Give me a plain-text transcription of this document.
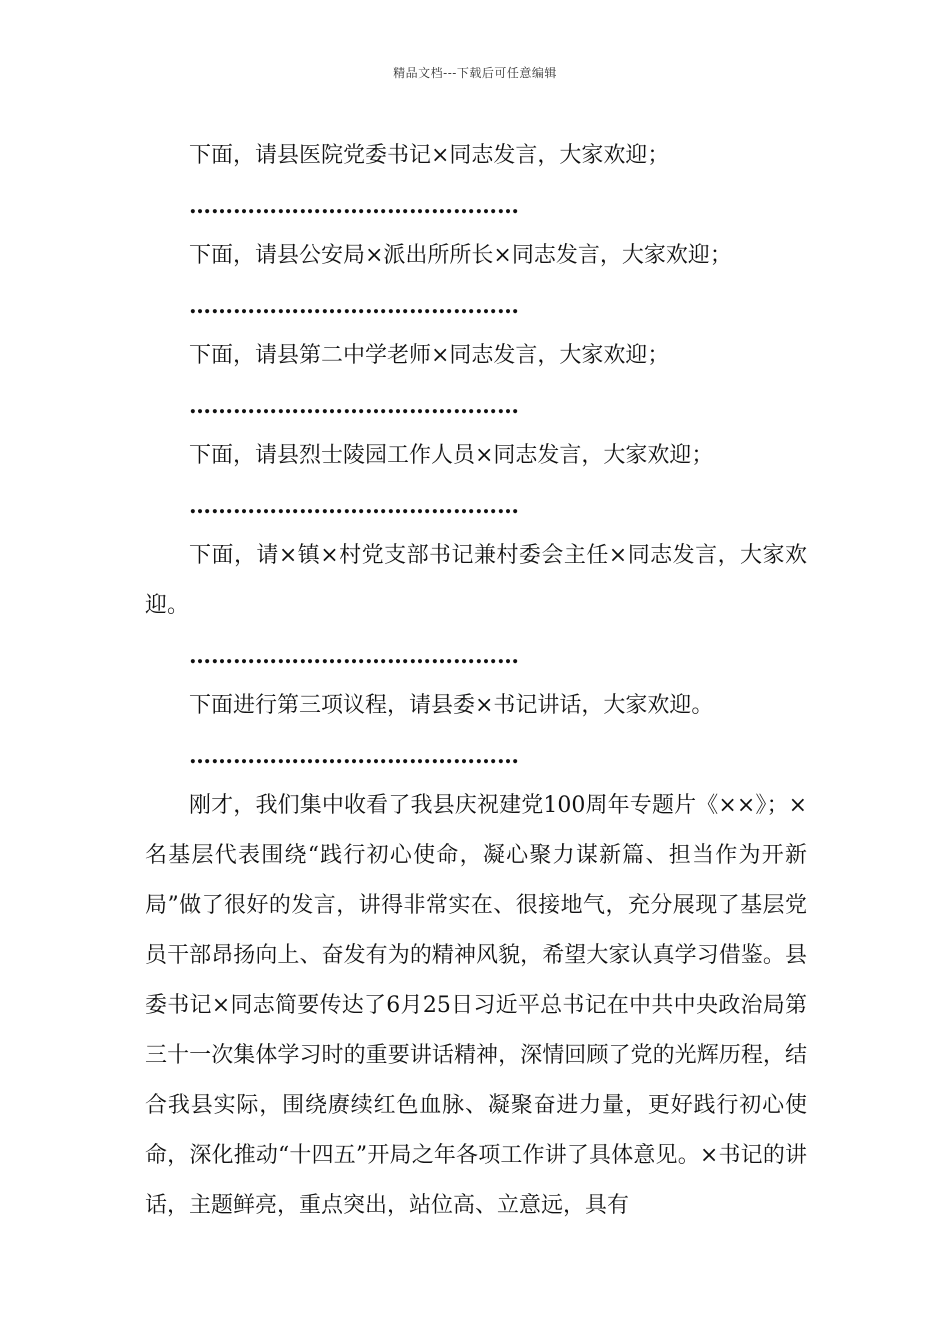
精品文档---下载后可任意编辑

下面，请县医院党委书记×同志发言，大家欢迎；

………………………………………

下面，请县公安局×派出所所长×同志发言，大家欢迎；

………………………………………

下面，请县第二中学老师×同志发言，大家欢迎；

………………………………………

下面，请县烈士陵园工作人员×同志发言，大家欢迎；

………………………………………

下面，请×镇×村党支部书记兼村委会主任×同志发言，大家欢迎。

………………………………………

下面进行第三项议程，请县委×书记讲话，大家欢迎。

………………………………………

刚才，我们集中收看了我县庆祝建党100周年专题片《××》；×名基层代表围绕“践行初心使命，凝心聚力谋新篇、担当作为开新局”做了很好的发言，讲得非常实在、很接地气，充分展现了基层党员干部昂扬向上、奋发有为的精神风貌，希望大家认真学习借鉴。县委书记×同志简要传达了6月25日习近平总书记在中共中央政治局第三十一次集体学习时的重要讲话精神，深情回顾了党的光辉历程，结合我县实际，围绕赓续红色血脉、凝聚奋进力量，更好践行初心使命，深化推动“十四五”开局之年各项工作讲了具体意见。×书记的讲话，主题鲜亮，重点突出，站位高、立意远，具有
